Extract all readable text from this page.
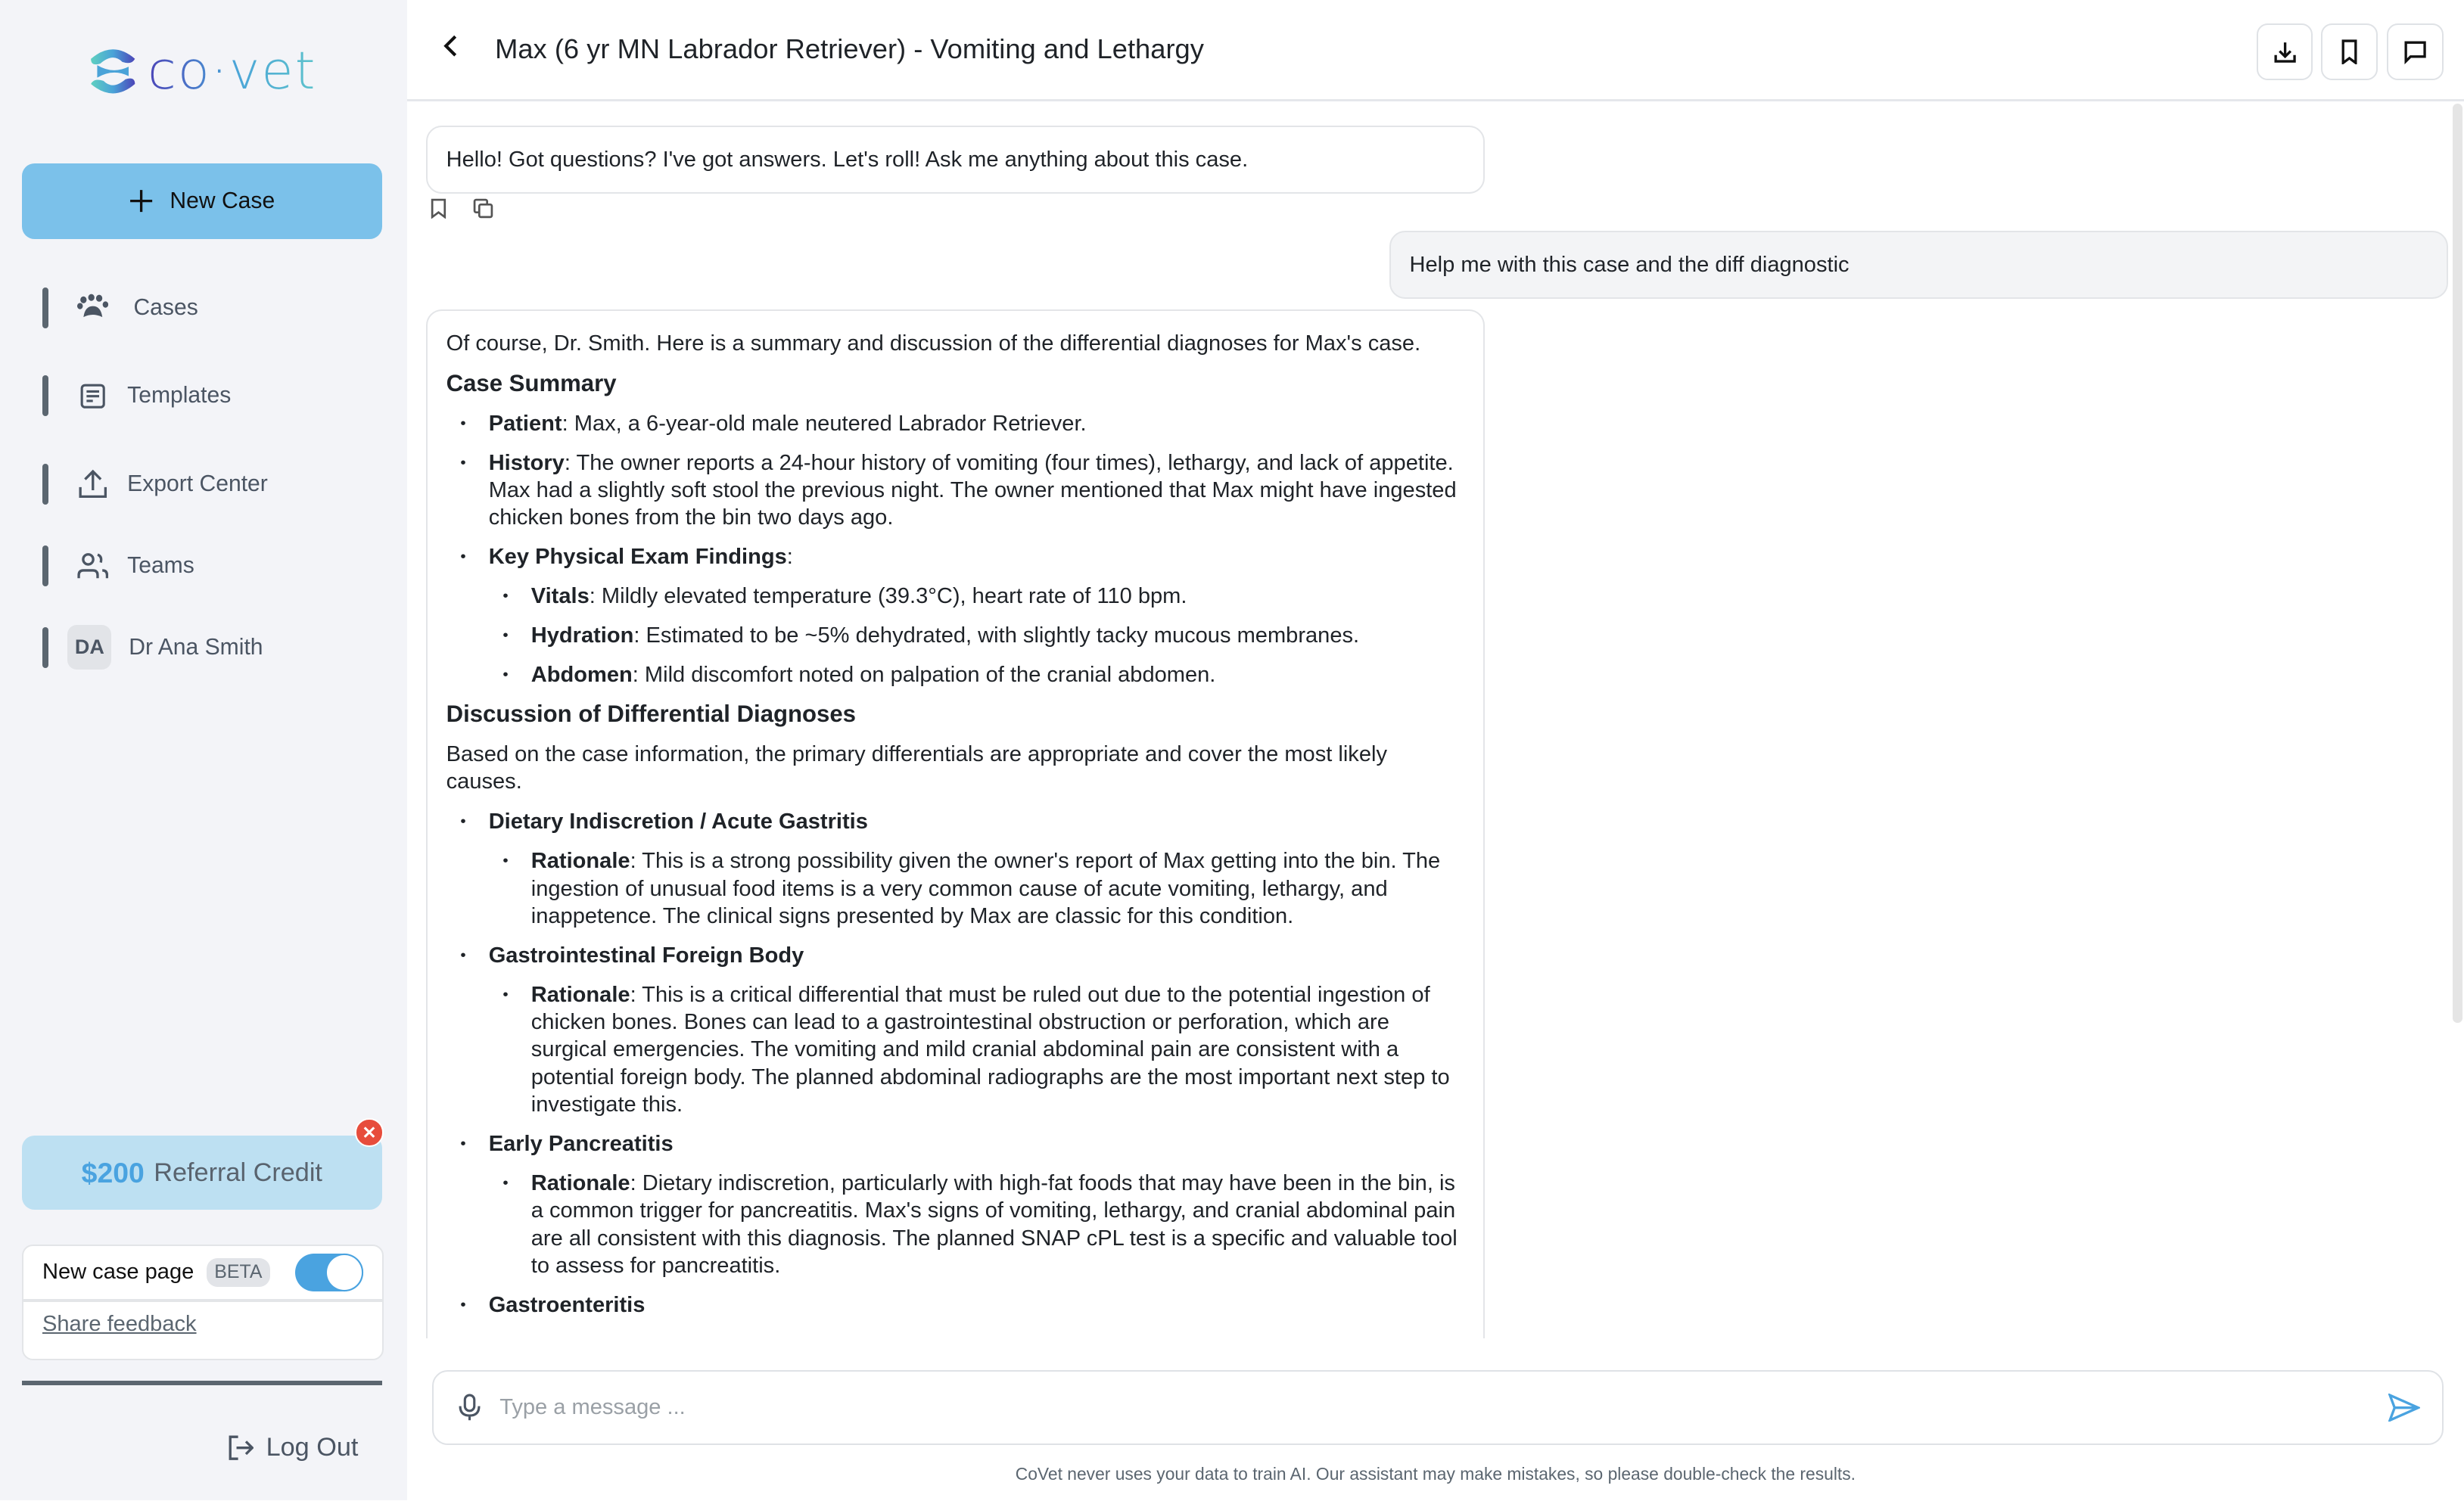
co·vet
New Case
Cases
Templates
Export Center
Teams
DA	Dr Ana Smith
$200 Referral Credit
✕
New case page	BETA
Share feedback
Log Out
Max (6 yr MN Labrador Retriever) - Vomiting and Lethargy
Hello! Got questions? I've got answers. Let's roll! Ask me anything about this case.
Help me with this case and the diff diagnostic

Of course, Dr. Smith. Here is a summary and discussion of the differential diagnoses for Max's case.

Case Summary
• Patient: Max, a 6-year-old male neutered Labrador Retriever.
• History: The owner reports a 24-hour history of vomiting (four times), lethargy, and lack of appetite. Max had a slightly soft stool the previous night. The owner mentioned that Max might have ingested chicken bones from the bin two days ago.
• Key Physical Exam Findings:
• Vitals: Mildly elevated temperature (39.3°C), heart rate of 110 bpm.
• Hydration: Estimated to be ~5% dehydrated, with slightly tacky mucous membranes.
• Abdomen: Mild discomfort noted on palpation of the cranial abdomen.
Discussion of Differential Diagnoses

Based on the case information, the primary differentials are appropriate and cover the most likely causes.

• Dietary Indiscretion / Acute Gastritis
• Rationale: This is a strong possibility given the owner's report of Max getting into the bin. The ingestion of unusual food items is a very common cause of acute vomiting, lethargy, and inappetence. The clinical signs presented by Max are classic for this condition.
• Gastrointestinal Foreign Body
• Rationale: This is a critical differential that must be ruled out due to the potential ingestion of chicken bones. Bones can lead to a gastrointestinal obstruction or perforation, which are surgical emergencies. The vomiting and mild cranial abdominal pain are consistent with a potential foreign body. The planned abdominal radiographs are the most important next step to investigate this.
• Early Pancreatitis
• Rationale: Dietary indiscretion, particularly with high-fat foods that may have been in the bin, is a common trigger for pancreatitis. Max's signs of vomiting, lethargy, and cranial abdominal pain are all consistent with this diagnosis. The planned SNAP cPL test is a specific and valuable tool to assess for pancreatitis.
• Gastroenteritis
Type a message ...
CoVet never uses your data to train AI. Our assistant may make mistakes, so please double-check the results.
